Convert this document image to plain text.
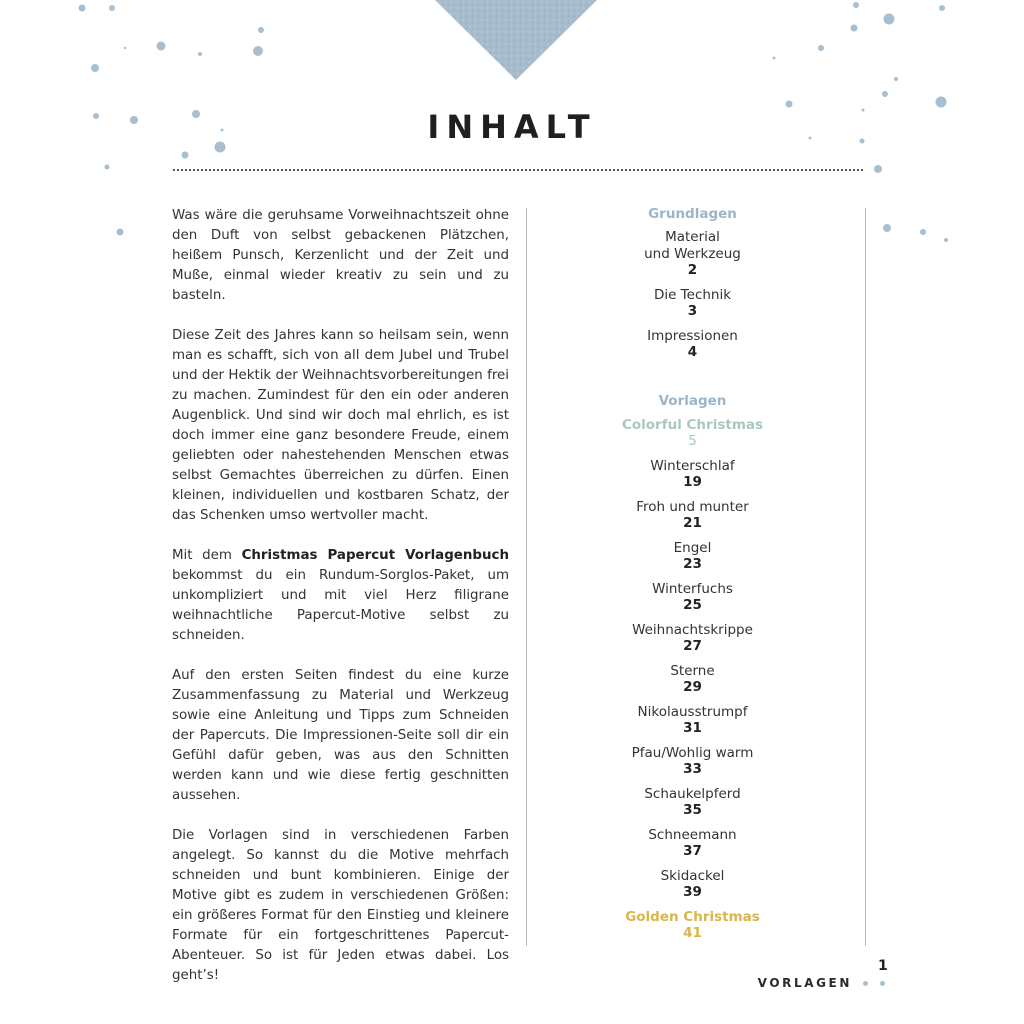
INHALT

Was wäre die geruhsame Vorweihnachtszeit ohne den Duft von selbst gebackenen Plätzchen, heißem Punsch, Kerzenlicht und der Zeit und Muße, einmal wieder kreativ zu sein und zu basteln.

Diese Zeit des Jahres kann so heilsam sein, wenn man es schafft, sich von all dem Jubel und Trubel und der Hektik der Weihnachtsvorbereitungen frei zu machen. Zumindest für den ein oder anderen Augenblick. Und sind wir doch mal ehrlich, es ist doch immer eine ganz besondere Freude, einem geliebten oder nahestehenden Menschen etwas selbst Gemachtes überreichen zu dürfen. Einen kleinen, individuellen und kostbaren Schatz, der das Schenken umso wertvoller macht.

Mit dem Christmas Papercut Vorlagenbuch bekommst du ein Rundum-Sorglos-Paket, um unkompliziert und mit viel Herz filigrane weihnachtliche Papercut-Motive selbst zu schneiden.

Auf den ersten Seiten findest du eine kurze Zusammenfassung zu Material und Werkzeug sowie eine Anleitung und Tipps zum Schneiden der Papercuts. Die Impressionen-Seite soll dir ein Gefühl dafür geben, was aus den Schnitten werden kann und wie diese fertig geschnitten aussehen.

Die Vorlagen sind in verschiedenen Farben angelegt. So kannst du die Motive mehrfach schneiden und bunt kombinieren. Einige der Motive gibt es zudem in verschiedenen Größen: ein größeres Format für den Einstieg und kleinere Formate für ein fortgeschrittenes Papercut-Abenteuer. So ist für Jeden etwas dabei. Los geht’s!

Grundlagen
Material
und Werkzeug
2
Die Technik
3
Impressionen
4
Vorlagen
Colorful Christmas
5
Winterschlaf
19
Froh und munter
21
Engel
23
Winterfuchs
25
Weihnachtskrippe
27
Sterne
29
Nikolausstrumpf
31
Pfau/Wohlig warm
33
Schaukelpferd
35
Schneemann
37
Skidackel
39
Golden Christmas
41
1
VORLAGEN
